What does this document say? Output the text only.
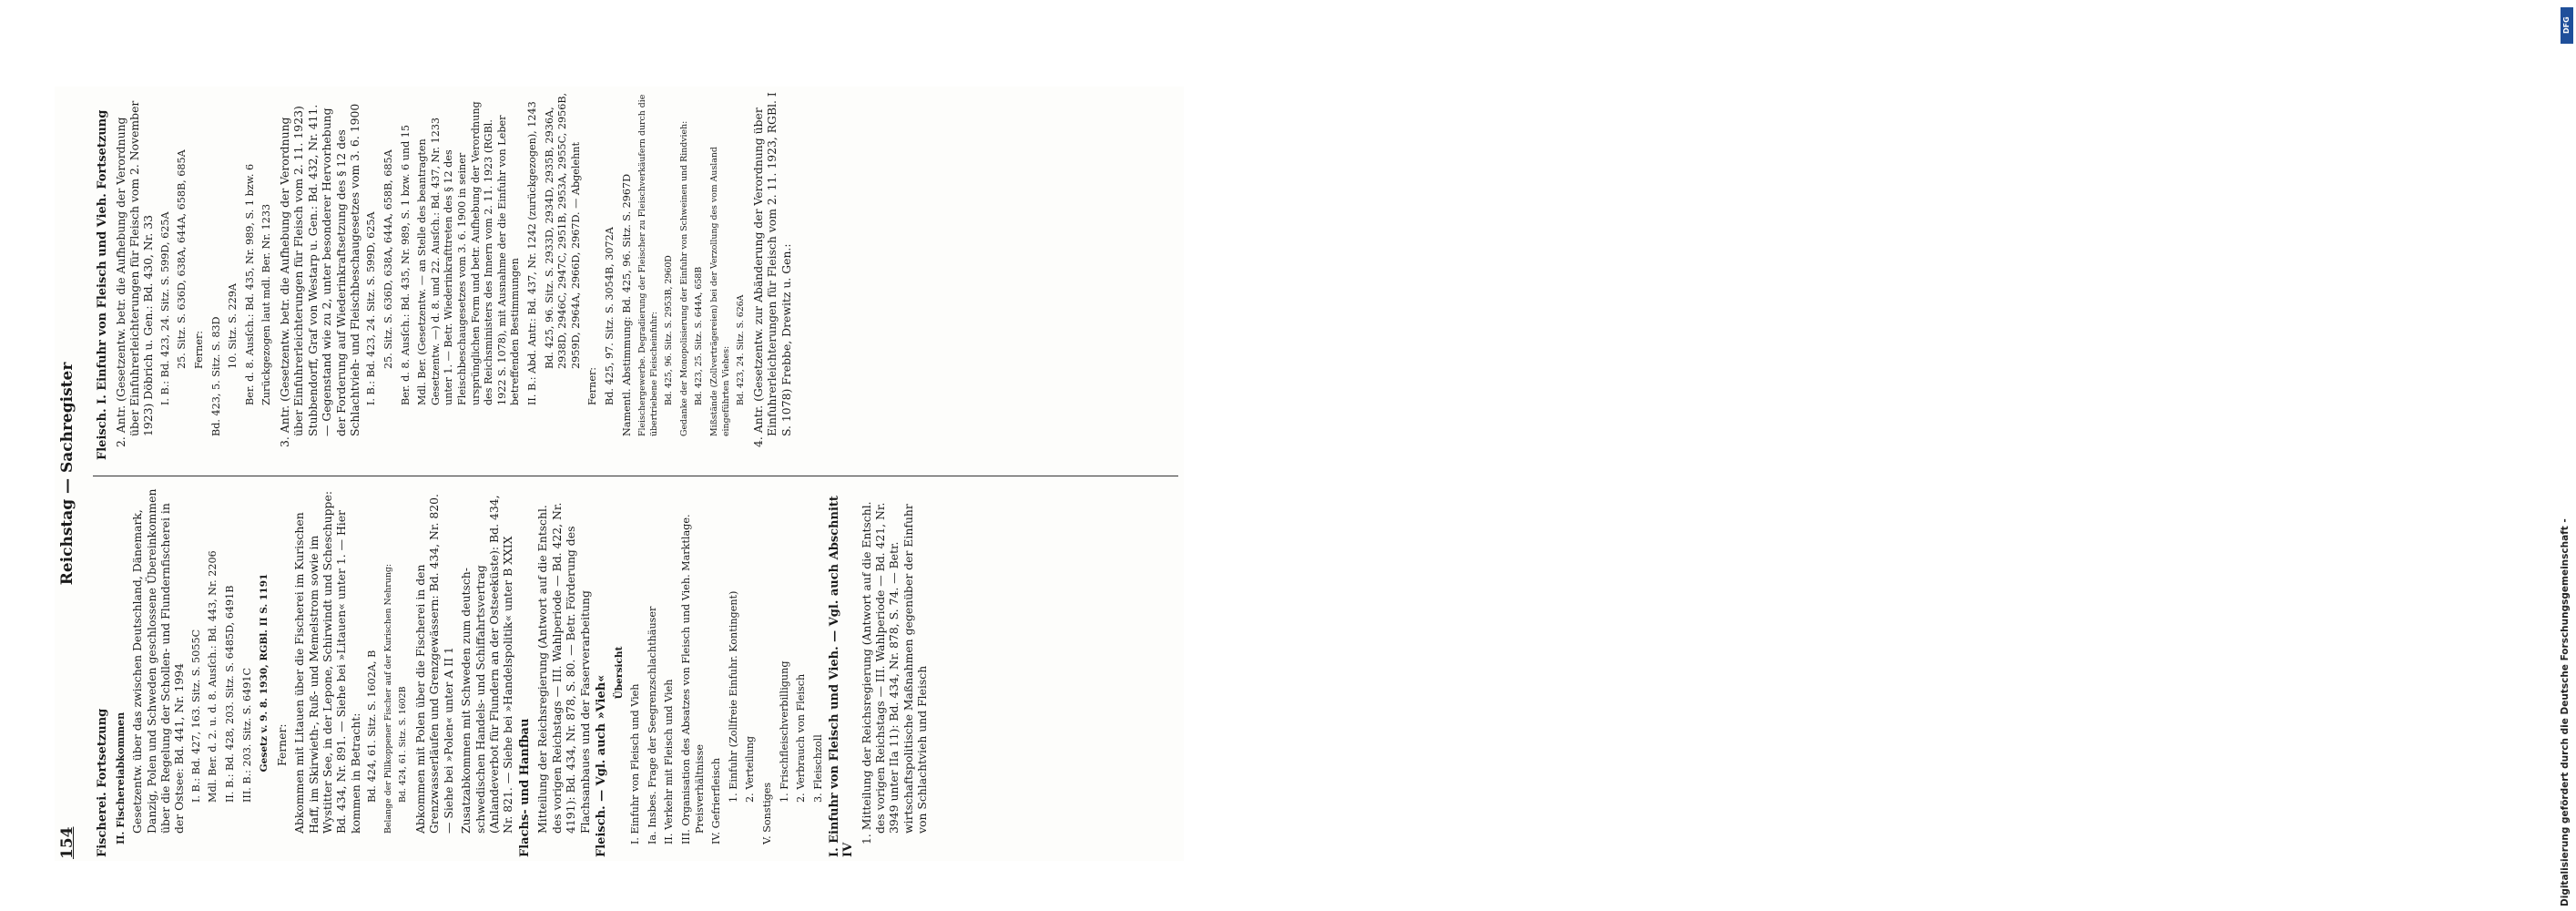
154
Reichstag — Sachregister
Fischerei. Fortsetzung II. Fischereiabkommen Gesetzentw. über das zwischen Deutschland, Dänemark, Danzig, Polen und Schweden geschlossene Übereinkommen über die Regelung der Schollen- und Flundernfischerei in der Ostsee: Bd. 441, Nr. 1994 I. B.: Bd. 427, 163. Sitz. S. 5055C Mdl. Ber. d. 2. u. d. 8. Ausſch.: Bd. 443, Nr. 2206 II. B.: Bd. 428, 203. Sitz. S. 6485D, 6491B III. B.: 203. Sitz. S. 6491C Gesetz v. 9. 8. 1930, RGBl. II S. 1191 Ferner: Abkommen mit Litauen über die Fischerei im Kurischen Haff, im Skirwieth-, Ruß- und Memelstrom sowie im Wystitter See, in der Lepone, Schirwindt und Scheschuppe: Bd. 434, Nr. 891. — Siehe bei »Litauen« unter 1. — Hier kommen in Betracht: Bd. 424, 61. Sitz. S. 1602A, B Belange der Pillkoppener Fischer auf der Kurischen Nehrung: Bd. 424, 61. Sitz. S. 1602B Abkommen mit Polen über die Fischerei in den Grenzwasserläufen und Grenzgewässern: Bd. 434, Nr. 820. — Siehe bei »Polen« unter A II 1 Zusatzabkommen mit Schweden zum deutsch-schwedischen Handels- und Schiffahrtsvertrag (Anlandeverbot für Flundern an der Ostseeküste): Bd. 434, Nr. 821. — Siehe bei »Handelspolitik« unter B XXIX Flachs- und Hanfbau Mitteilung der Reichsregierung (Antwort auf die Entschl. des vorigen Reichstags — III. Wahlperiode — Bd. 422, Nr. 4191): Bd. 434, Nr. 878, S. 80. — Betr. Förderung des Flachsanbaues und der Faserverarbeitung Fleisch. — Vgl. auch »Vieh«
Übersicht
I. Einfuhr von Fleisch und Vieh Ia. Insbes. Frage der Seegrenzschlachthäuser II. Verkehr mit Fleisch und Vieh III. Organisation des Absatzes von Fleisch und Vieh. Marktlage. Preisverhältnisse IV. Gefrierfleisch 1. Einfuhr (Zollfreie Einfuhr. Kontingent) 2. Verteilung
V. Sonstiges
1. Frischfleischverbilligung 2. Verbrauch von Fleisch 3. Fleischzoll I. Einfuhr von Fleisch und Vieh. — Vgl. auch Abschnitt IV
1. Mitteilung der Reichsregierung (Antwort auf die Entschl. des vorigen Reichstags — III. Wahlperiode — Bd. 421, Nr. 3949 unter IIa 11): Bd. 434, Nr. 878, S. 74. — Betr. wirtschaftspolitische Maßnahmen gegenüber der Einfuhr von Schlachtvieh und Fleisch
Fleisch. I. Einfuhr von Fleisch und Vieh. Fortsetzung 2. Antr. (Gesetzentw. betr. die Aufhebung der Verordnung über Einfuhrerleichterungen für Fleisch vom 2. November 1923) Döbrich u. Gen.: Bd. 430, Nr. 33 I. B.: Bd. 423, 24. Sitz. S. 599D, 625A 25. Sitz. S. 636D, 638A, 644A, 658B, 685A Ferner: Bd. 423, 5. Sitz. S. 83D 10. Sitz. S. 229A Ber. d. 8. Ausſch.: Bd. 435, Nr. 989, S. 1 bzw. 6 Zurückgezogen laut mdl. Ber. Nr. 1233 3. Antr. (Gesetzentw. betr. die Aufhebung der Verordnung über Einfuhrerleichterungen für Fleisch vom 2. 11. 1923) Stubbendorff, Graf von Westarp u. Gen.: Bd. 432, Nr. 411. — Gegenstand wie zu 2, unter besonderer Hervorhebung der Forderung auf Wiederinkraftsetzung des § 12 des Schlachtvieh- und Fleischbeschaugesetzes vom 3. 6. 1900 I. B.: Bd. 423, 24. Sitz. S. 599D, 625A 25. Sitz. S. 636D, 638A, 644A, 658B, 685A Ber. d. 8. Ausſch.: Bd. 435, Nr. 989, S. 1 bzw. 6 und 15 Mdl. Ber. (Gesetzentw. — an Stelle des beantragten Gesetzentw. —) d. 8. und 22. Ausſch.: Bd. 437, Nr. 1233 unter 1. — Betr. Wiederinkrafttreten des § 12 des Fleischbeschaugesetzes vom 3. 6. 1900 in seiner ursprünglichen Form und betr. Aufhebung der Verordnung des Reichsministers des Innern vom 2. 11. 1923 (RGBl. 1922 S. 1078), mit Ausnahme der die Einfuhr von Leber betreffenden Bestimmungen II. B.: Abd. Antr.: Bd. 437, Nr. 1242 (zurückgezogen), 1243 Bd. 425, 96. Sitz. S. 2933D, 2934D, 2935B, 2936A, 2938D, 2946C, 2947C, 2951B, 2953A, 2955C, 2956B, 2959D, 2964A, 2966D, 2967D. — Abgelehnt
Ferner: Bd. 425, 97. Sitz. S. 3054B, 3072A Namentl. Abstimmung: Bd. 425, 96. Sitz. S. 2967D Fleischergewerbe. Degradierung der Fleischer zu Fleischverkäufern durch die übertriebene Fleischeinfuhr: Bd. 425, 96. Sitz. S. 2953B, 2960D Gedanke der Monopolisierung der Einfuhr von Schweinen und Rindvieh: Bd. 423, 25. Sitz. S. 644A, 658B Mißstände (Zollverträgereien) bei der Verzollung des vom Ausland eingeführten Viehes: Bd. 423, 24. Sitz. S. 626A 4. Antr. (Gesetzentw. zur Abänderung der Verordnung über Einfuhrerleichterungen für Fleisch vom 2. 11. 1923, RGBl. I S. 1078) Frebbe, Drewitz u. Gen.:
DFG
Digitalisierung gefördert durch die Deutsche Forschungsgemeinschaft -
